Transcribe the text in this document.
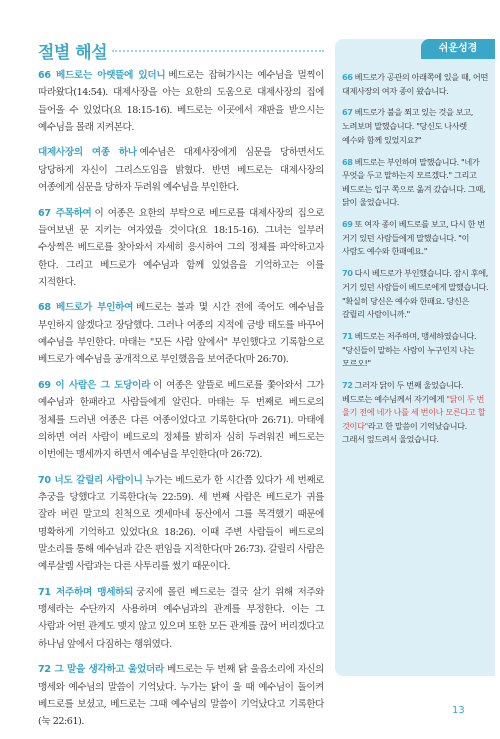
절별 해설

66 베드로는 아랫뜰에 있더니 베드로는 잡혀가시는 예수님을 멀찍이 따라왔다(14:54). 대제사장을 아는 요한의 도움으로 대제사장의 집에 들어올 수 있었다(요 18:15-16). 베드로는 이곳에서 재판을 받으시는 예수님을 몰래 지켜본다.

대제사장의 여종 하나 예수님은 대제사장에게 심문을 당하면서도 당당하게 자신이 그리스도임을 밝혔다. 반면 베드로는 대제사장의 여종에게 심문을 당하자 두려워 예수님을 부인한다.

67 주목하여 이 여종은 요한의 부탁으로 베드로를 대제사장의 집으로 들여보낸 문 지키는 여자였을 것이다(요 18:15-16). 그녀는 일부러 수상쩍은 베드로를 찾아와서 자세히 응시하여 그의 정체를 파악하고자 한다. 그리고 베드로가 예수님과 함께 있었음을 기억하고는 이를 지적한다.

68 베드로가 부인하여 베드로는 불과 몇 시간 전에 죽어도 예수님을 부인하지 않겠다고 장담했다. 그러나 여종의 지적에 금방 태도를 바꾸어 예수님을 부인한다. 마태는 "모든 사람 앞에서" 부인했다고 기록함으로 베드로가 예수님을 공개적으로 부인했음을 보여준다(마 26:70).

69 이 사람은 그 도당이라 이 여종은 앞뜰로 베드로를 쫓아와서 그가 예수님과 한패라고 사람들에게 알린다. 마태는 두 번째로 베드로의 정체를 드러낸 여종은 다른 여종이었다고 기록한다(마 26:71). 마태에 의하면 여러 사람이 베드로의 정체를 밝히자 심히 두려워진 베드로는 이번에는 맹세까지 하면서 예수님을 부인한다(마 26:72).

70 너도 갈릴리 사람이니 누가는 베드로가 한 시간쯤 있다가 세 번째로 추궁을 당했다고 기록한다(눅 22:59). 세 번째 사람은 베드로가 귀를 잘라 버린 말고의 친척으로 겟세마네 동산에서 그를 목격했기 때문에 명확하게 기억하고 있었다(요 18:26). 이때 주변 사람들이 베드로의 말소리를 통해 예수님과 같은 편임을 지적한다(마 26:73). 갈릴리 사람은 예루살렘 사람과는 다른 사투리를 썼기 때문이다.

71 저주하며 맹세하되 궁지에 몰린 베드로는 결국 살기 위해 저주와 맹세라는 수단까지 사용하며 예수님과의 관계를 부정한다. 이는 그 사람과 어떤 관계도 맺지 않고 있으며 또한 모든 관계를 끊어 버리겠다고 하나님 앞에서 다짐하는 행위였다.

72 그 말을 생각하고 울었더라 베드로는 두 번째 닭 울음소리에 자신의 맹세와 예수님의 말씀이 기억났다. 누가는 닭이 울 때 예수님이 돌이켜 베드로를 보셨고, 베드로는 그때 예수님의 말씀이 기억났다고 기록한다(눅 22:61).

쉬운성경

66 베드로가 공관의 아래쪽에 있을 때, 어떤 대제사장의 여자 종이 왔습니다.

67 베드로가 불을 쬐고 있는 것을 보고, 노려보며 말했습니다. "당신도 나사렛 예수와 함께 있었지요?"

68 베드로는 부인하며 말했습니다. "네가 무엇을 두고 말하는지 모르겠다." 그리고 베드로는 입구 쪽으로 옮겨 갔습니다. 그때, 닭이 울었습니다.

69 또 여자 종이 베드로를 보고, 다시 한 번 거기 있던 사람들에게 말했습니다. "이 사람도 예수와 한패예요."

70 다시 베드로가 부인했습니다. 잠시 후에, 거기 있던 사람들이 베드로에게 말했습니다. "확실히 당신은 예수와 한패요. 당신은 갈릴리 사람이니까."

71 베드로는 저주하며, 맹세하였습니다. "당신들이 말하는 사람이 누구인지 나는 모르오!"

72 그러자 닭이 두 번째 울었습니다. 베드로는 예수님께서 자기에게 "닭이 두 번 울기 전에 네가 나를 세 번이나 모른다고 할 것이다"라고 한 말씀이 기억났습니다. 그래서 엎드려서 울었습니다.

13
